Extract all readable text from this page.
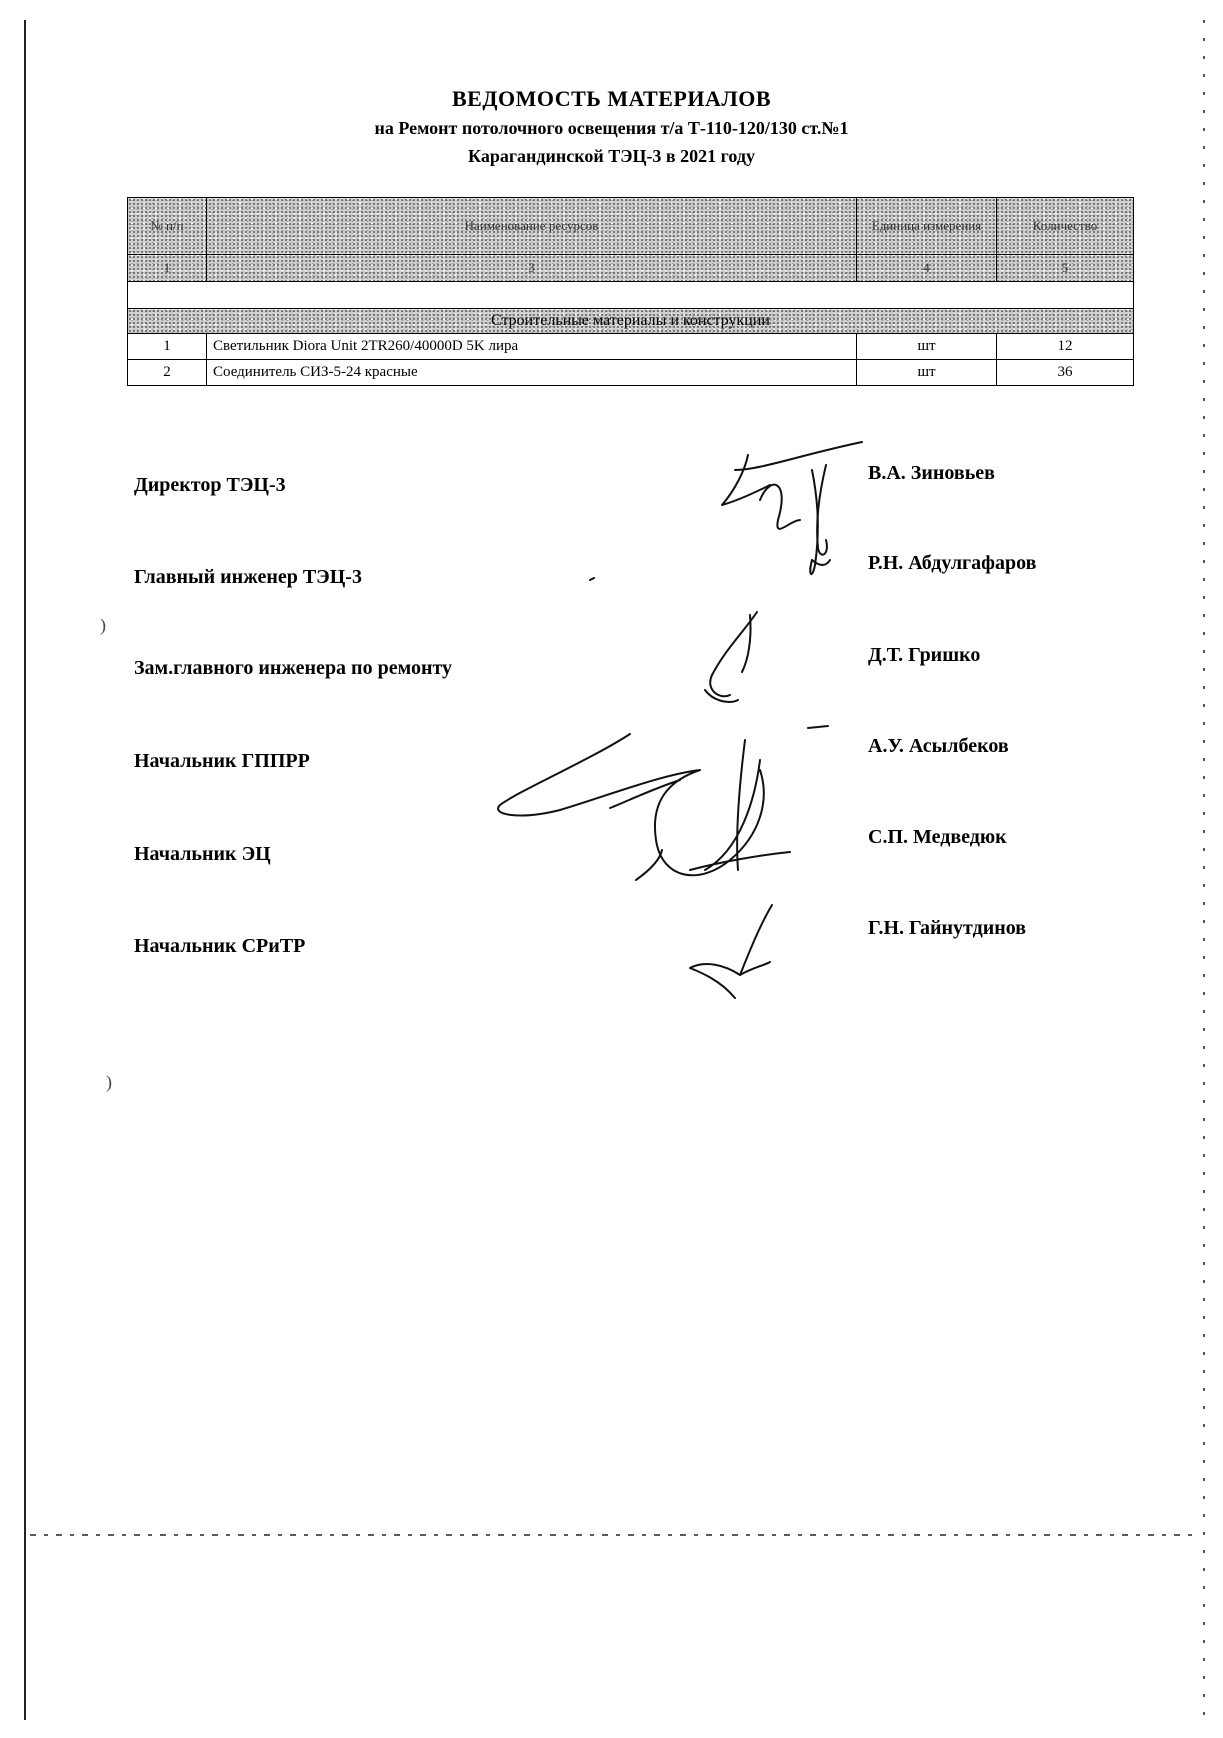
ВЕДОМОСТЬ МАТЕРИАЛОВ
на Ремонт потолочного освещения т/а Т-110-120/130 ст.№1
Карагандинской ТЭЦ-3 в 2021 году
№ п/п	Наименование ресурсов	Единица измерения	Количество
1	3	4	5

Строительные материалы и конструкции			
1	Светильник Diora Unit 2TR260/40000D 5K лира	шт	12
2	Соединитель СИЗ-5-24 красные	шт	36
Директор ТЭЦ-3
В.А. Зиновьев
Главный инженер ТЭЦ-3
Р.Н. Абдулгафаров
Зам.главного инженера по ремонту
Д.Т. Гришко
Начальник ГППРР
А.У. Асылбеков
Начальник ЭЦ
С.П. Медведюк
Начальник СРиТР
Г.Н. Гайнутдинов
)
)
